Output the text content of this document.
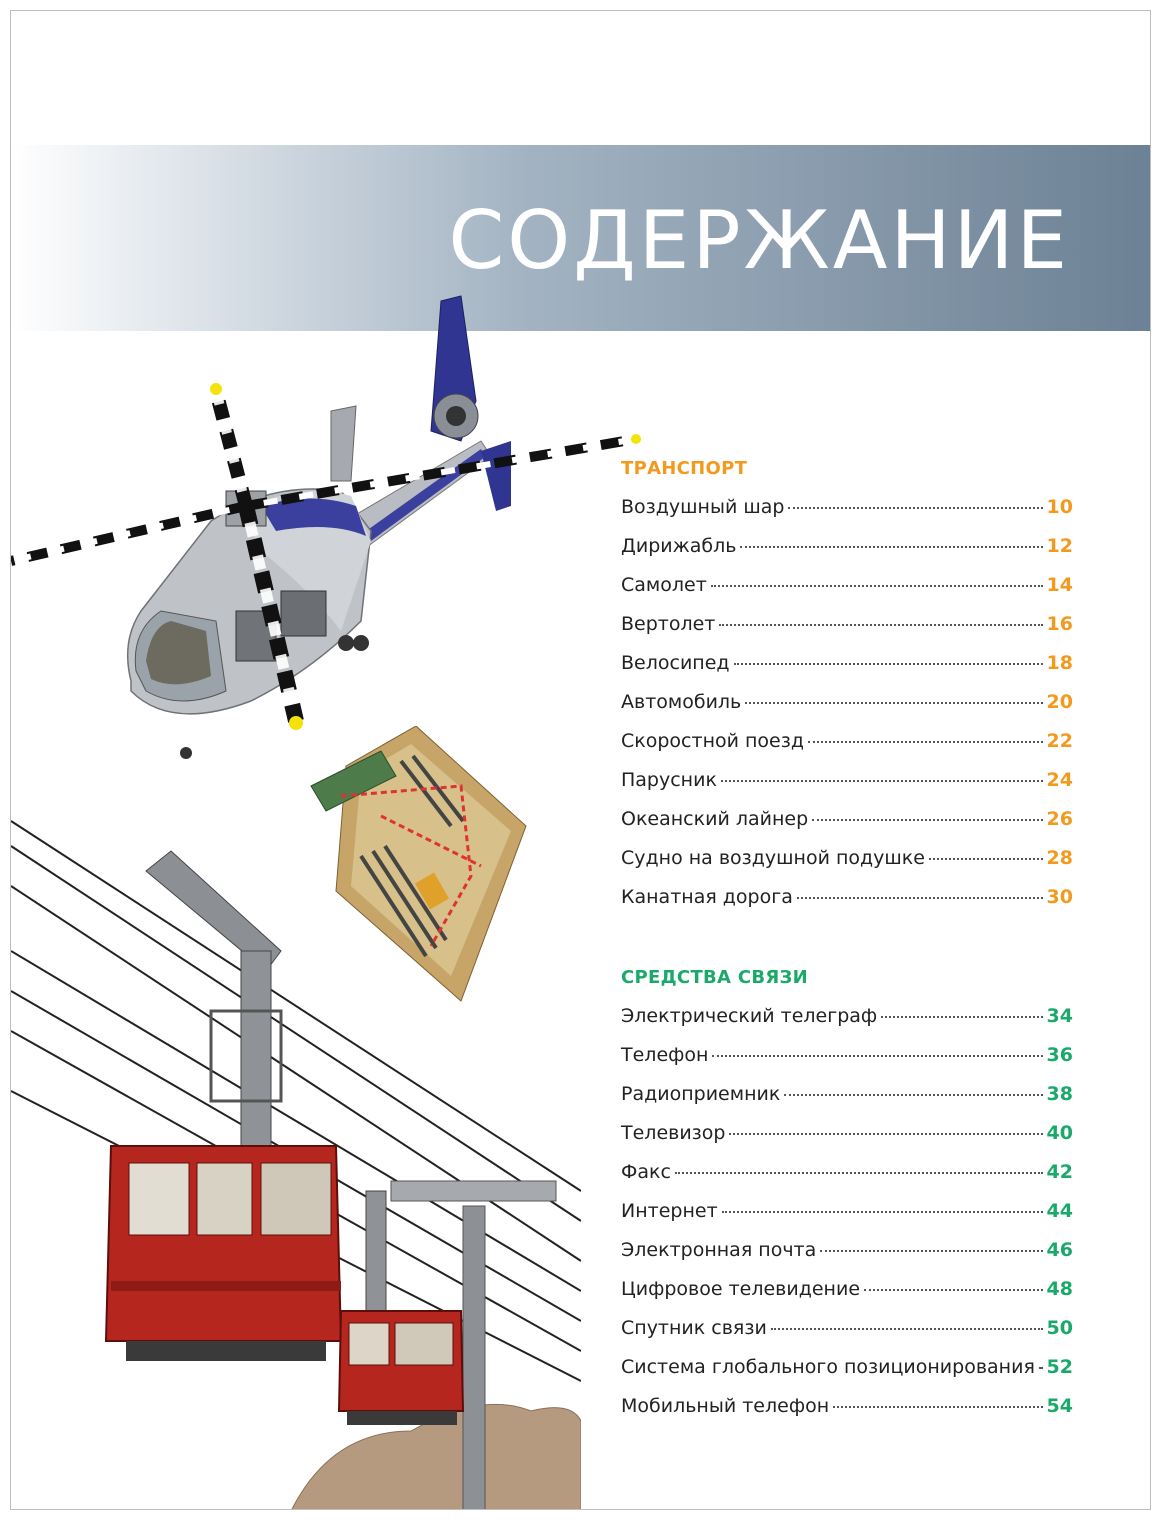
СОДЕРЖАНИЕ
ТРАНСПОРТ
Воздушный шар	10
Дирижабль	12
Самолет	14
Вертолет	16
Велосипед	18
Автомобиль	20
Скоростной поезд	22
Парусник	24
Океанский лайнер	26
Судно на воздушной подушке	28
Канатная дорога	30
СРЕДСТВА СВЯЗИ
Электрический телеграф	34
Телефон	36
Радиоприемник	38
Телевизор	40
Факс	42
Интернет	44
Электронная почта	46
Цифровое телевидение	48
Спутник связи	50
Система глобального позиционирования 52
Мобильный телефон	54
